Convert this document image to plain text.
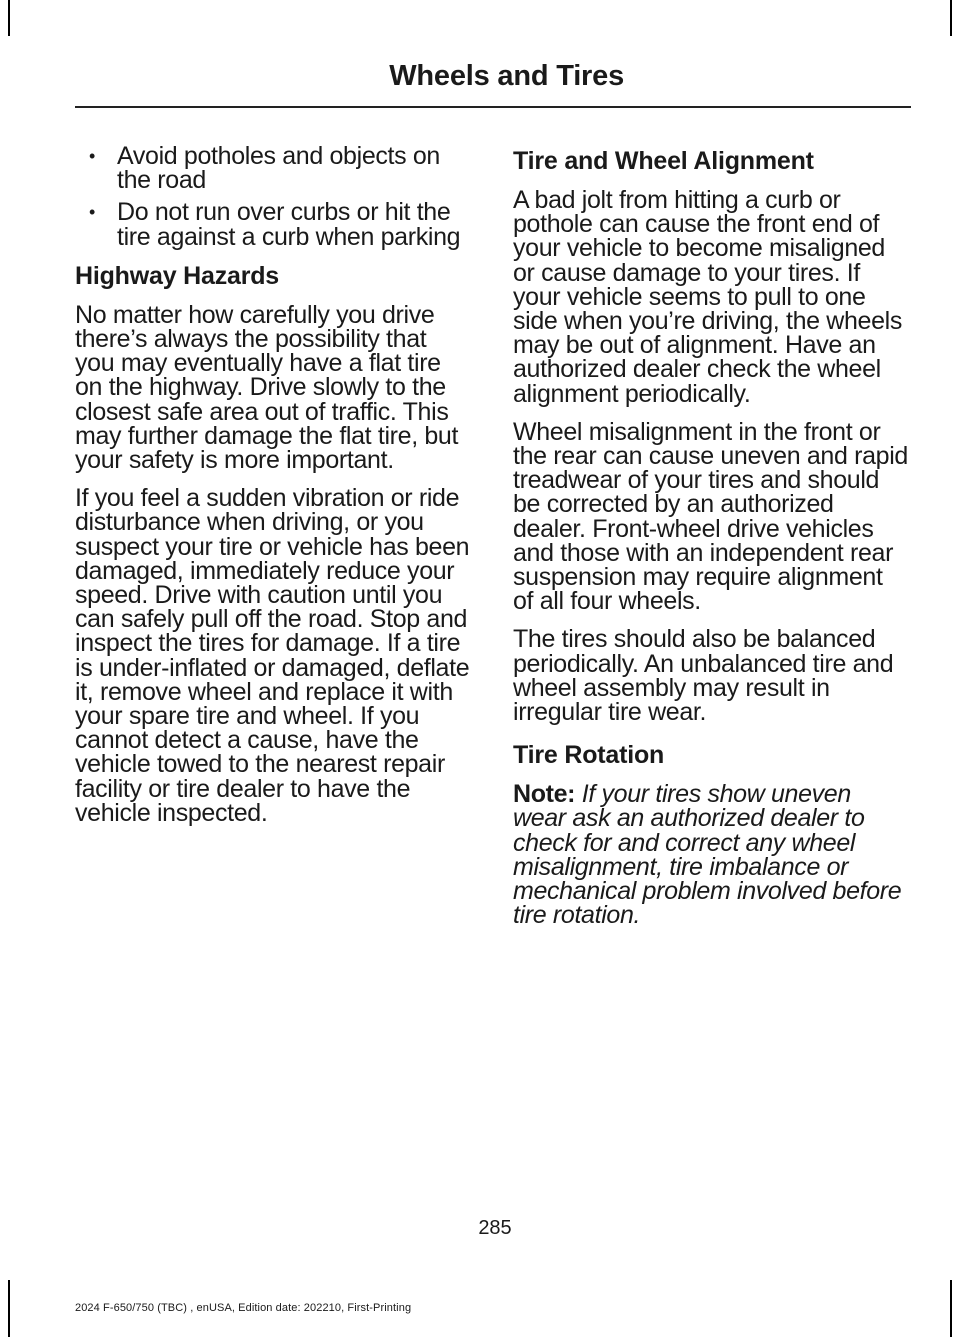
Wheels and Tires
• Avoid potholes and objects on the road
• Do not run over curbs or hit the tire against a curb when parking
Highway Hazards

No matter how carefully you drive there’s always the possibility that you may eventually have a flat tire on the highway. Drive slowly to the closest safe area out of traffic. This may further damage the flat tire, but your safety is more important.

If you feel a sudden vibration or ride disturbance when driving, or you suspect your tire or vehicle has been damaged, immediately reduce your speed. Drive with caution until you can safely pull off the road. Stop and inspect the tires for damage. If a tire is under-inflated or damaged, deflate it, remove wheel and replace it with your spare tire and wheel. If you cannot detect a cause, have the vehicle towed to the nearest repair facility or tire dealer to have the vehicle inspected.

Tire and Wheel Alignment

A bad jolt from hitting a curb or pothole can cause the front end of your vehicle to become misaligned or cause damage to your tires. If your vehicle seems to pull to one side when you’re driving, the wheels may be out of alignment. Have an authorized dealer check the wheel alignment periodically.

Wheel misalignment in the front or the rear can cause uneven and rapid treadwear of your tires and should be corrected by an authorized dealer. Front-wheel drive vehicles and those with an independent rear suspension may require alignment of all four wheels.

The tires should also be balanced periodically. An unbalanced tire and wheel assembly may result in irregular tire wear.

Tire Rotation

Note: If your tires show uneven wear ask an authorized dealer to check for and correct any wheel misalignment, tire imbalance or mechanical problem involved before tire rotation.

285
2024 F-650/750 (TBC) , enUSA, Edition date: 202210, First-Printing
